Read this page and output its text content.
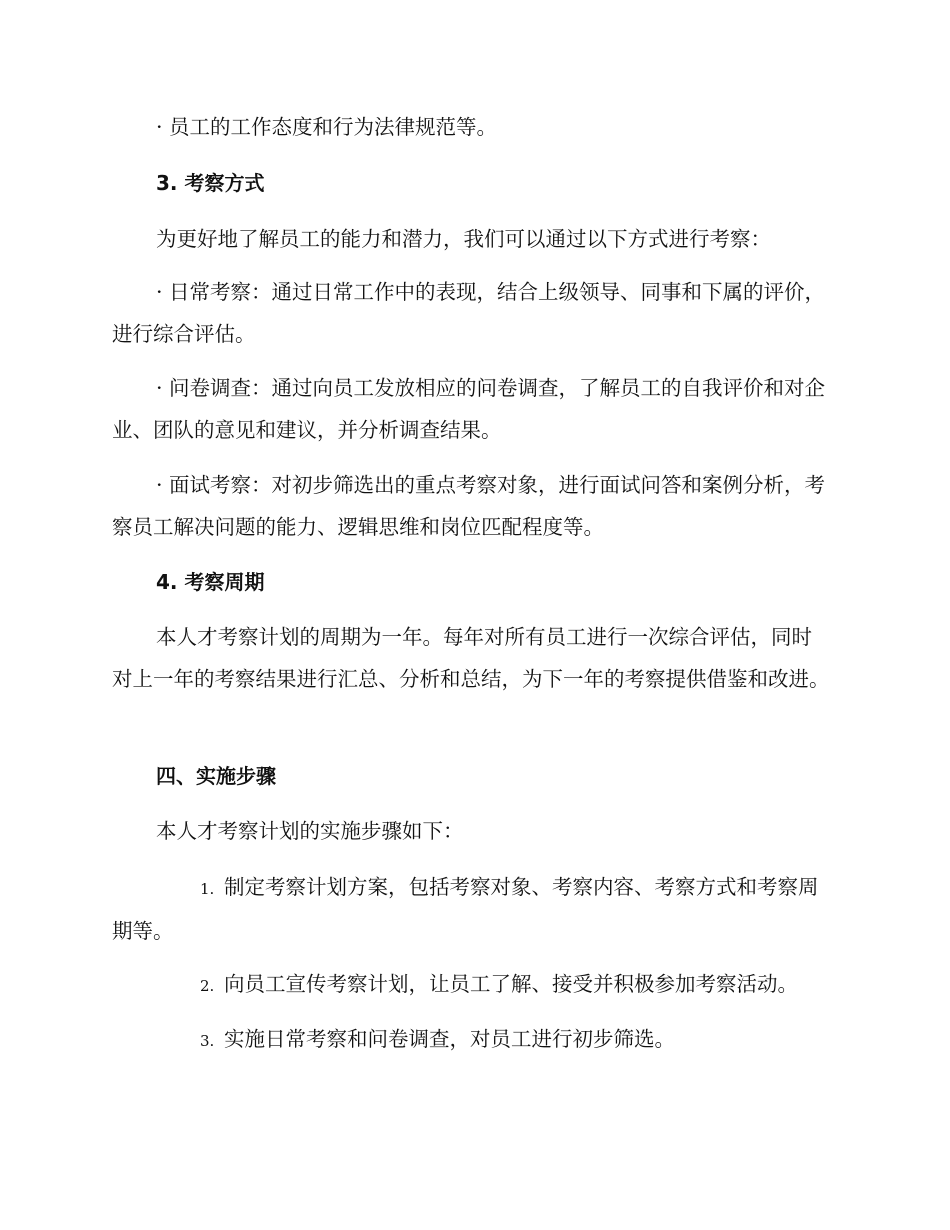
· 员工的工作态度和行为法律规范等。

3. 考察方式

为更好地了解员工的能力和潜力，我们可以通过以下方式进行考察：

· 日常考察：通过日常工作中的表现，结合上级领导、同事和下属的评价，进行综合评估。

· 问卷调查：通过向员工发放相应的问卷调查，了解员工的自我评价和对企业、团队的意见和建议，并分析调查结果。

· 面试考察：对初步筛选出的重点考察对象，进行面试问答和案例分析，考察员工解决问题的能力、逻辑思维和岗位匹配程度等。

4. 考察周期

本人才考察计划的周期为一年。每年对所有员工进行一次综合评估，同时对上一年的考察结果进行汇总、分析和总结，为下一年的考察提供借鉴和改进。

四、实施步骤

本人才考察计划的实施步骤如下：

1. 制定考察计划方案，包括考察对象、考察内容、考察方式和考察周期等。

2. 向员工宣传考察计划，让员工了解、接受并积极参加考察活动。

3. 实施日常考察和问卷调查，对员工进行初步筛选。
